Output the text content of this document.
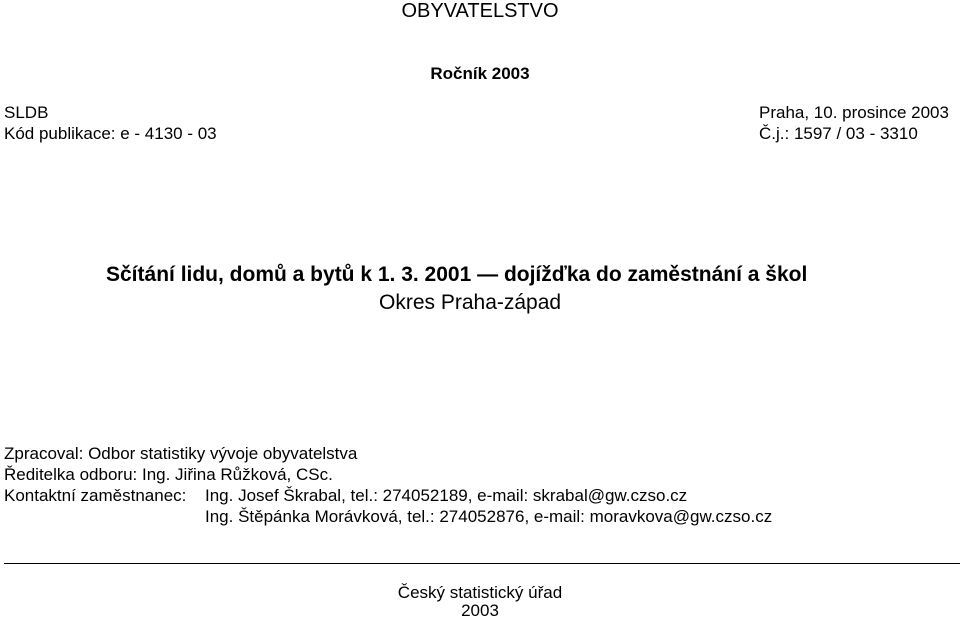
OBYVATELSTVO
Ročník 2003
SLDB
Kód publikace: e - 4130 - 03
Praha, 10. prosince 2003
Č.j.: 1597 / 03 - 3310
Sčítání lidu, domů a bytů k 1. 3. 2001 — dojížďka do zaměstnání a škol
Okres Praha-západ
Zpracoval: Odbor statistiky vývoje obyvatelstva
Ředitelka odboru: Ing. Jiřina Růžková, CSc.
Kontaktní zaměstnanec: Ing. Josef Škrabal, tel.: 274052189, e-mail: skrabal@gw.czso.cz
Ing. Štěpánka Morávková, tel.: 274052876, e-mail: moravkova@gw.czso.cz
Český statistický úřad
2003
